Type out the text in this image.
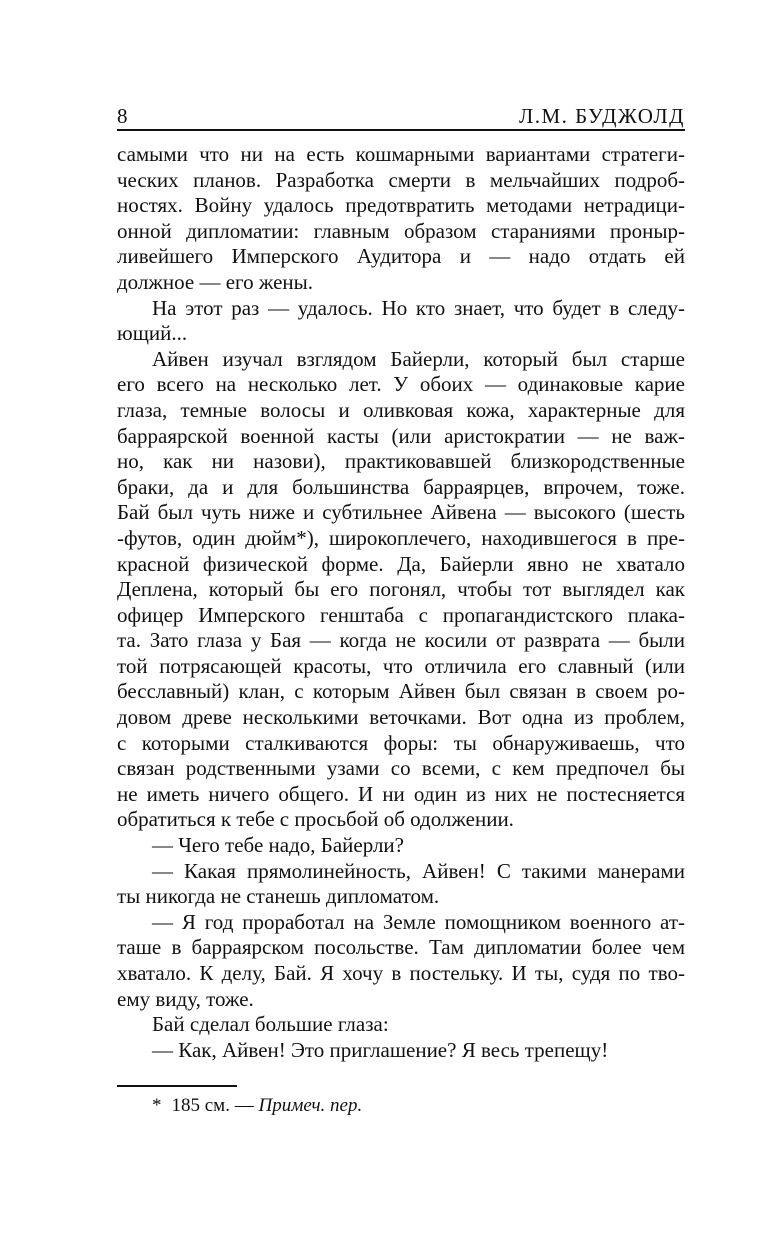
8	Л.М. БУДЖОЛД
самыми что ни на есть кошмарными вариантами стратеги-
ческих планов. Разработка смерти в мельчайших подроб-
ностях. Войну удалось предотвратить методами нетрадици-
онной дипломатии: главным образом стараниями проныр-
ливейшего Имперского Аудитора и — надо отдать ей
должное — его жены.
На этот раз — удалось. Но кто знает, что будет в следу-
ющий...
Айвен изучал взглядом Байерли, который был старше
его всего на несколько лет. У обоих — одинаковые карие
глаза, темные волосы и оливковая кожа, характерные для
барраярской военной касты (или аристократии — не важ-
но, как ни назови), практиковавшей близкородственные
браки, да и для большинства барраярцев, впрочем, тоже.
Бай был чуть ниже и субтильнее Айвена — высокого (шесть
-футов, один дюйм*), широкоплечего, находившегося в пре-
красной физической форме. Да, Байерли явно не хватало
Деплена, который бы его погонял, чтобы тот выглядел как
офицер Имперского генштаба с пропагандистского плака-
та. Зато глаза у Бая — когда не косили от разврата — были
той потрясающей красоты, что отличила его славный (или
бесславный) клан, с которым Айвен был связан в своем ро-
довом древе несколькими веточками. Вот одна из проблем,
с которыми сталкиваются форы: ты обнаруживаешь, что
связан родственными узами со всеми, с кем предпочел бы
не иметь ничего общего. И ни один из них не постесняется
обратиться к тебе с просьбой об одолжении.
— Чего тебе надо, Байерли?
— Какая прямолинейность, Айвен! С такими манерами
ты никогда не станешь дипломатом.
— Я год проработал на Земле помощником военного ат-
таше в барраярском посольстве. Там дипломатии более чем
хватало. К делу, Бай. Я хочу в постельку. И ты, судя по тво-
ему виду, тоже.
Бай сделал большие глаза:
— Как, Айвен! Это приглашение? Я весь трепещу!
* 185 см. — Примеч. пер.
